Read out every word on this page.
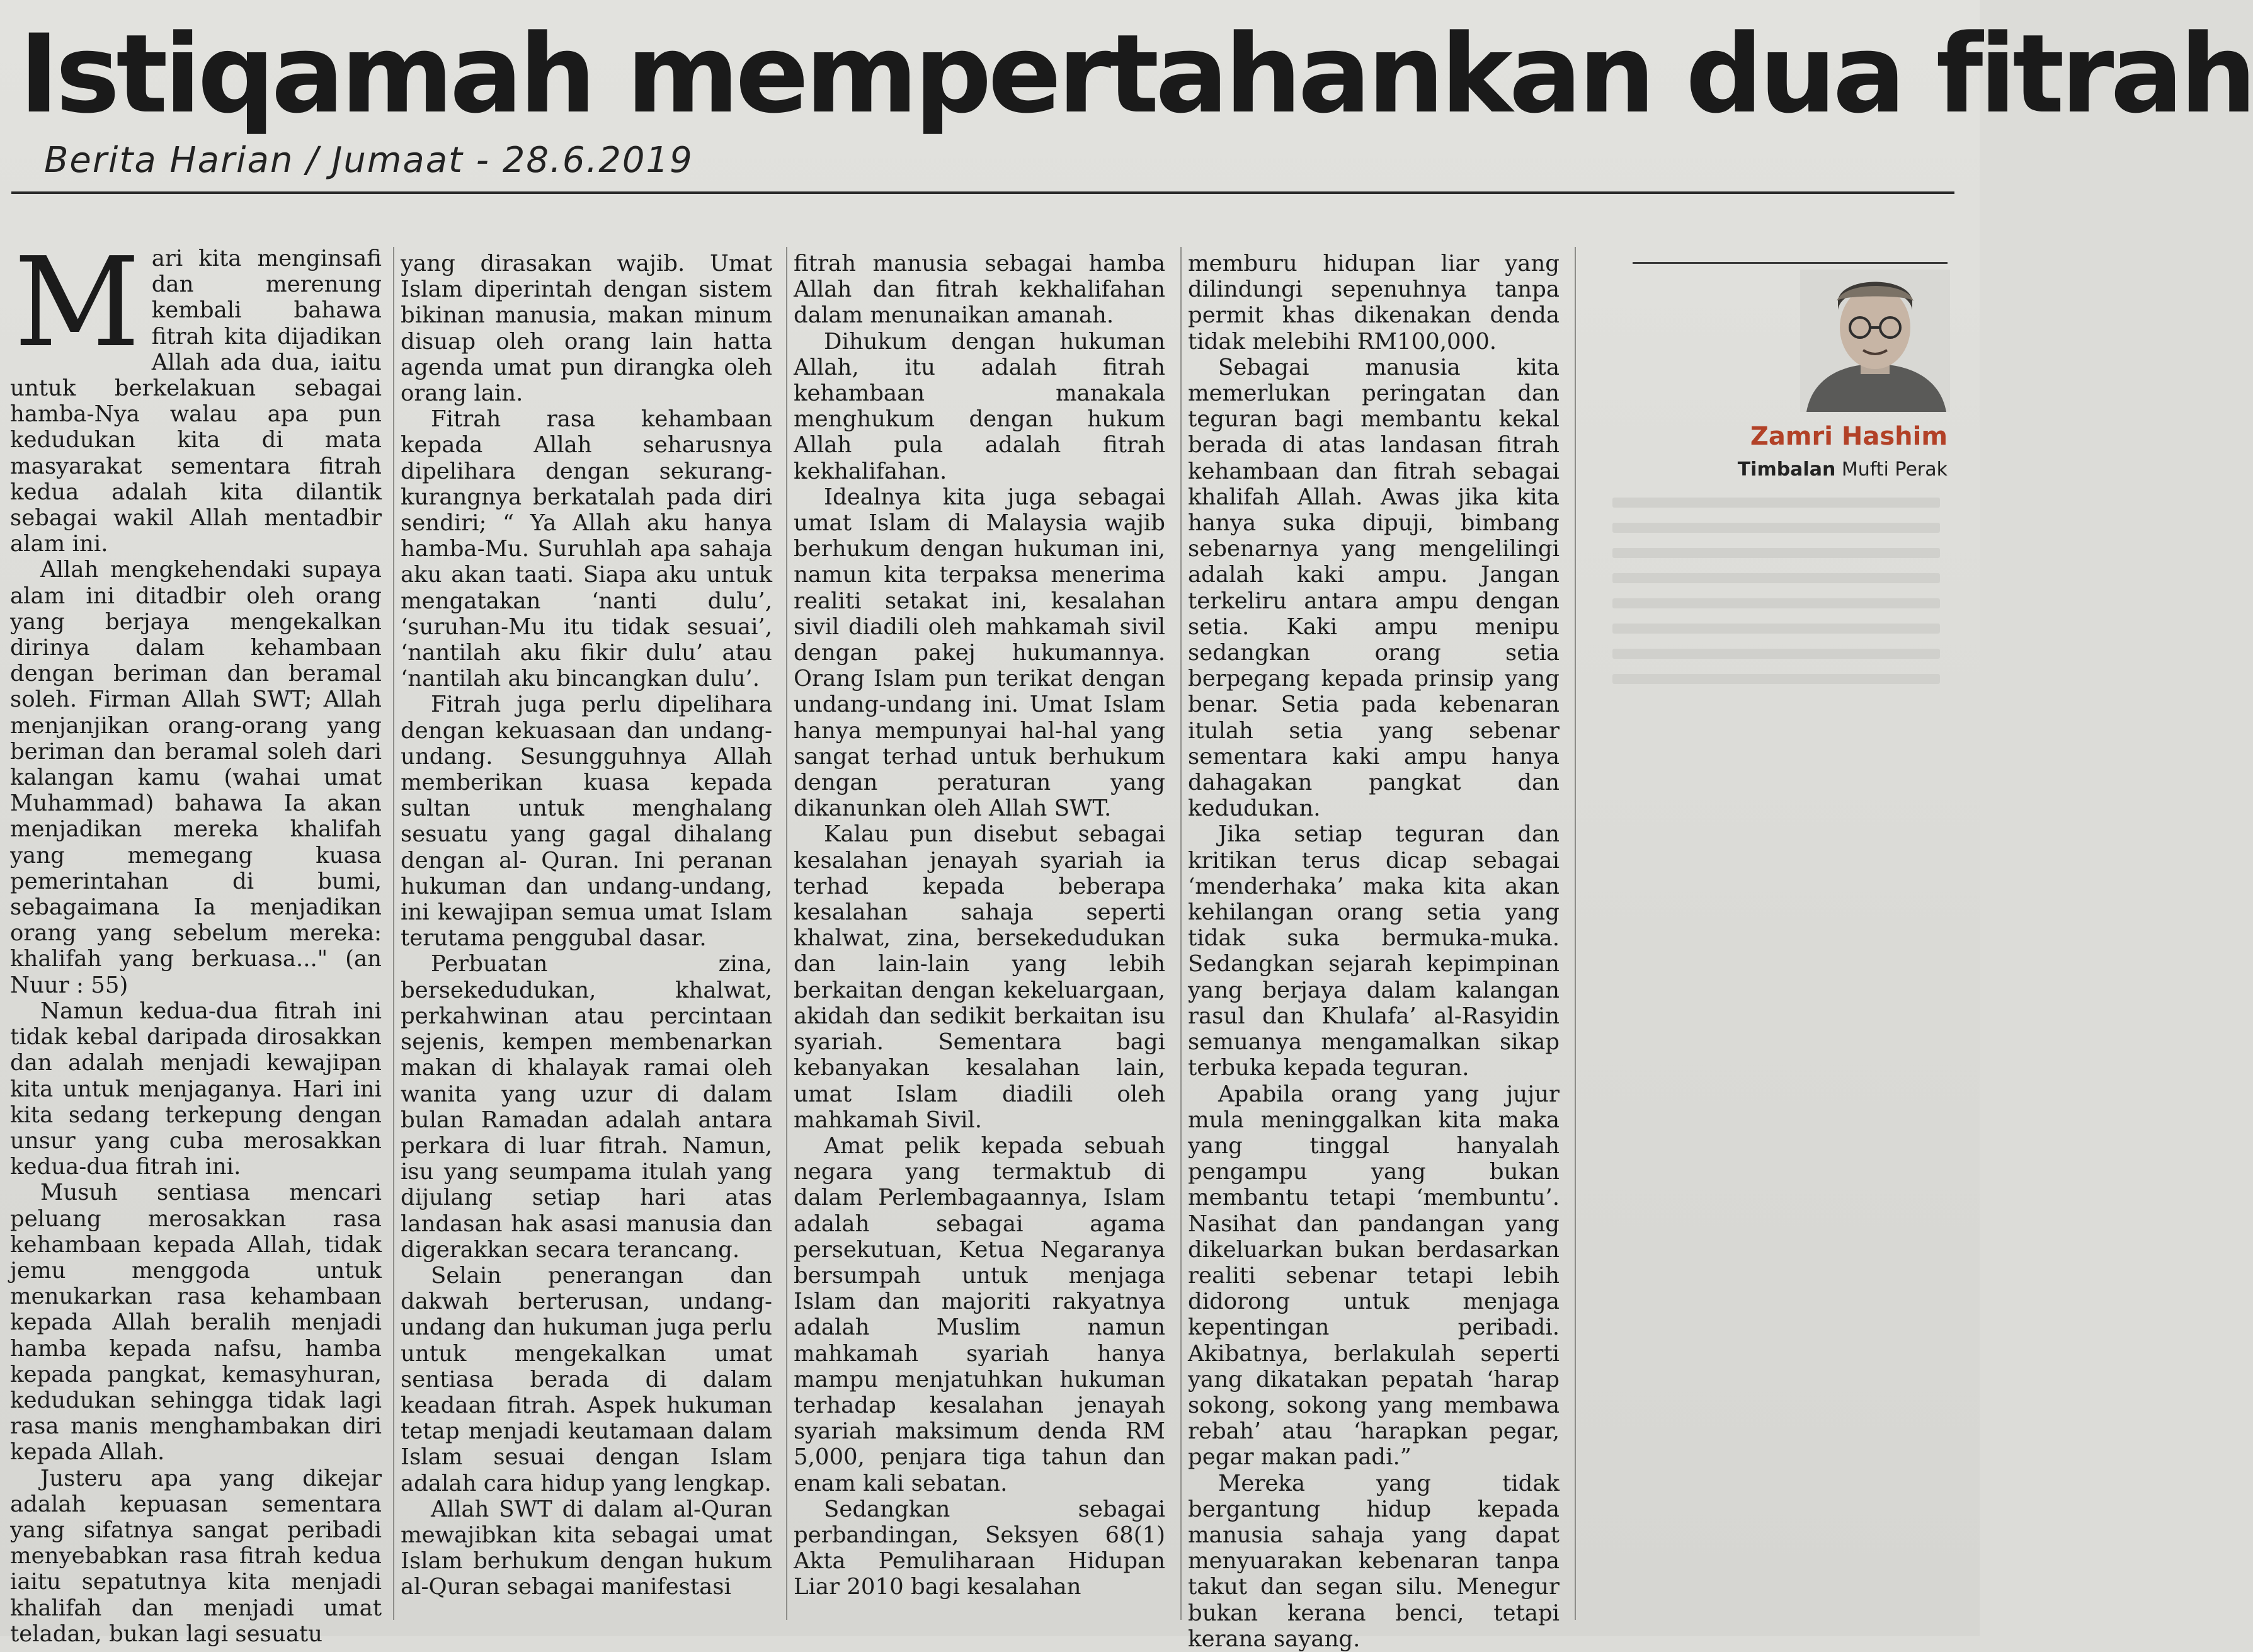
Istiqamah mempertahankan dua fitrah
Berita Harian / Jumaat - 28.6.2019

Mari kita menginsafi dan merenung kembali bahawa fitrah kita dijadikan Allah ada dua, iaitu untuk berkelakuan sebagai hamba-Nya walau apa pun kedudukan kita di mata masyarakat sementara fitrah kedua adalah kita dilantik sebagai wakil Allah mentadbir alam ini.

Allah mengkehendaki supaya alam ini ditadbir oleh orang yang berjaya mengekalkan dirinya dalam kehambaan dengan beriman dan beramal soleh. Firman Allah SWT; Allah menjanjikan orang-orang yang beriman dan beramal soleh dari kalangan kamu (wahai umat Muhammad) bahawa Ia akan menjadikan mereka khalifah yang memegang kuasa pemerintahan di bumi, sebagaimana Ia menjadikan orang yang sebelum mereka: khalifah yang berkuasa..." (an Nuur : 55)

Namun kedua-dua fitrah ini tidak kebal daripada dirosakkan dan adalah menjadi kewajipan kita untuk menjaganya. Hari ini kita sedang terkepung dengan unsur yang cuba merosakkan kedua-dua fitrah ini.

Musuh sentiasa mencari peluang merosakkan rasa kehambaan kepada Allah, tidak jemu menggoda untuk menukarkan rasa kehambaan kepada Allah beralih menjadi hamba kepada nafsu, hamba kepada pangkat, kemasyhuran, kedudukan sehingga tidak lagi rasa manis menghambakan diri kepada Allah.

Justeru apa yang dikejar adalah kepuasan sementara yang sifatnya sangat peribadi menyebabkan rasa fitrah kedua iaitu sepatutnya kita menjadi khalifah dan menjadi umat teladan, bukan lagi sesuatu

yang dirasakan wajib. Umat Islam diperintah dengan sistem bikinan manusia, makan minum disuap oleh orang lain hatta agenda umat pun dirangka oleh orang lain.

Fitrah rasa kehambaan kepada Allah seharusnya dipelihara dengan sekurang-kurangnya berkatalah pada diri sendiri; “ Ya Allah aku hanya hamba-Mu. Suruhlah apa sahaja aku akan taati. Siapa aku untuk mengatakan ‘nanti dulu’, ‘suruhan-Mu itu tidak sesuai’, ‘nantilah aku fikir dulu’ atau ‘nantilah aku bincangkan dulu’.

Fitrah juga perlu dipelihara dengan kekuasaan dan undang-undang. Sesungguhnya Allah memberikan kuasa kepada sultan untuk menghalang sesuatu yang gagal dihalang dengan al- Quran. Ini peranan hukuman dan undang-undang, ini kewajipan semua umat Islam terutama penggubal dasar.

Perbuatan zina, bersekedudukan, khalwat, perkahwinan atau percintaan sejenis, kempen membenarkan makan di khalayak ramai oleh wanita yang uzur di dalam bulan Ramadan adalah antara perkara di luar fitrah. Namun, isu yang seumpama itulah yang dijulang setiap hari atas landasan hak asasi manusia dan digerakkan secara terancang.

Selain penerangan dan dakwah berterusan, undang-undang dan hukuman juga perlu untuk mengekalkan umat sentiasa berada di dalam keadaan fitrah. Aspek hukuman tetap menjadi keutamaan dalam Islam sesuai dengan Islam adalah cara hidup yang lengkap.

Allah SWT di dalam al-Quran mewajibkan kita sebagai umat Islam berhukum dengan hukum al-Quran sebagai manifestasi

fitrah manusia sebagai hamba Allah dan fitrah kekhalifahan dalam menunaikan amanah.

Dihukum dengan hukuman Allah, itu adalah fitrah kehambaan manakala menghukum dengan hukum Allah pula adalah fitrah kekhalifahan.

Idealnya kita juga sebagai umat Islam di Malaysia wajib berhukum dengan hukuman ini, namun kita terpaksa menerima realiti setakat ini, kesalahan sivil diadili oleh mahkamah sivil dengan pakej hukumannya. Orang Islam pun terikat dengan undang-undang ini. Umat Islam hanya mempunyai hal-hal yang sangat terhad untuk berhukum dengan peraturan yang dikanunkan oleh Allah SWT.

Kalau pun disebut sebagai kesalahan jenayah syariah ia terhad kepada beberapa kesalahan sahaja seperti khalwat, zina, bersekedudukan dan lain-lain yang lebih berkaitan dengan kekeluargaan, akidah dan sedikit berkaitan isu syariah. Sementara bagi kebanyakan kesalahan lain, umat Islam diadili oleh mahkamah Sivil.

Amat pelik kepada sebuah negara yang termaktub di dalam Perlembagaannya, Islam adalah sebagai agama persekutuan, Ketua Negaranya bersumpah untuk menjaga Islam dan majoriti rakyatnya adalah Muslim namun mahkamah syariah hanya mampu menjatuhkan hukuman terhadap kesalahan jenayah syariah maksimum denda RM 5,000, penjara tiga tahun dan enam kali sebatan.

Sedangkan sebagai perbandingan, Seksyen 68(1) Akta Pemuliharaan Hidupan Liar 2010 bagi kesalahan

memburu hidupan liar yang dilindungi sepenuhnya tanpa permit khas dikenakan denda tidak melebihi RM100,000.

Sebagai manusia kita memerlukan peringatan dan teguran bagi membantu kekal berada di atas landasan fitrah kehambaan dan fitrah sebagai khalifah Allah. Awas jika kita hanya suka dipuji, bimbang sebenarnya yang mengelilingi adalah kaki ampu. Jangan terkeliru antara ampu dengan setia. Kaki ampu menipu sedangkan orang setia berpegang kepada prinsip yang benar. Setia pada kebenaran itulah setia yang sebenar sementara kaki ampu hanya dahagakan pangkat dan kedudukan.

Jika setiap teguran dan kritikan terus dicap sebagai ‘menderhaka’ maka kita akan kehilangan orang setia yang tidak suka bermuka-muka. Sedangkan sejarah kepimpinan yang berjaya dalam kalangan rasul dan Khulafa’ al-Rasyidin semuanya mengamalkan sikap terbuka kepada teguran.

Apabila orang yang jujur mula meninggalkan kita maka yang tinggal hanyalah pengampu yang bukan membantu tetapi ‘membuntu’. Nasihat dan pandangan yang dikeluarkan bukan berdasarkan realiti sebenar tetapi lebih didorong untuk menjaga kepentingan peribadi. Akibatnya, berlakulah seperti yang dikatakan pepatah ‘harap sokong, sokong yang membawa rebah’ atau ‘harapkan pegar, pegar makan padi.”

Mereka yang tidak bergantung hidup kepada manusia sahaja yang dapat menyuarakan kebenaran tanpa takut dan segan silu. Menegur bukan kerana benci, tetapi kerana sayang.

Zamri Hashim
Timbalan Mufti Perak
